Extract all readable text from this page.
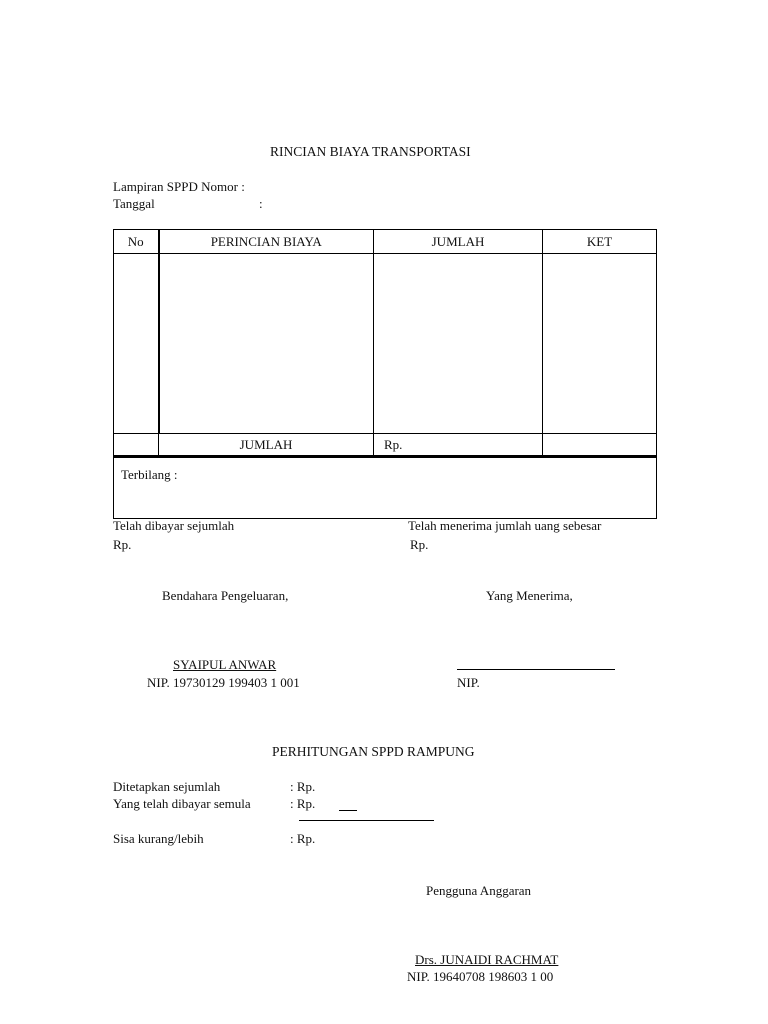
RINCIAN BIAYA TRANSPORTASI
Lampiran SPPD Nomor :
Tanggal	:
No	PERINCIAN BIAYA	JUMLAH	KET

	JUMLAH	Rp.	
Terbilang :
Telah dibayar sejumlah
Rp.
Telah menerima jumlah uang sebesar
Rp.
Bendahara Pengeluaran,	Yang Menerima,
SYAIPUL ANWAR
NIP. 19730129 199403 1 001	NIP.
PERHITUNGAN SPPD RAMPUNG
Ditetapkan sejumlah	: Rp.
Yang telah dibayar semula	: Rp.
Sisa kurang/lebih	: Rp.
Pengguna Anggaran
Drs. JUNAIDI RACHMAT
NIP. 19640708 198603 1 00
